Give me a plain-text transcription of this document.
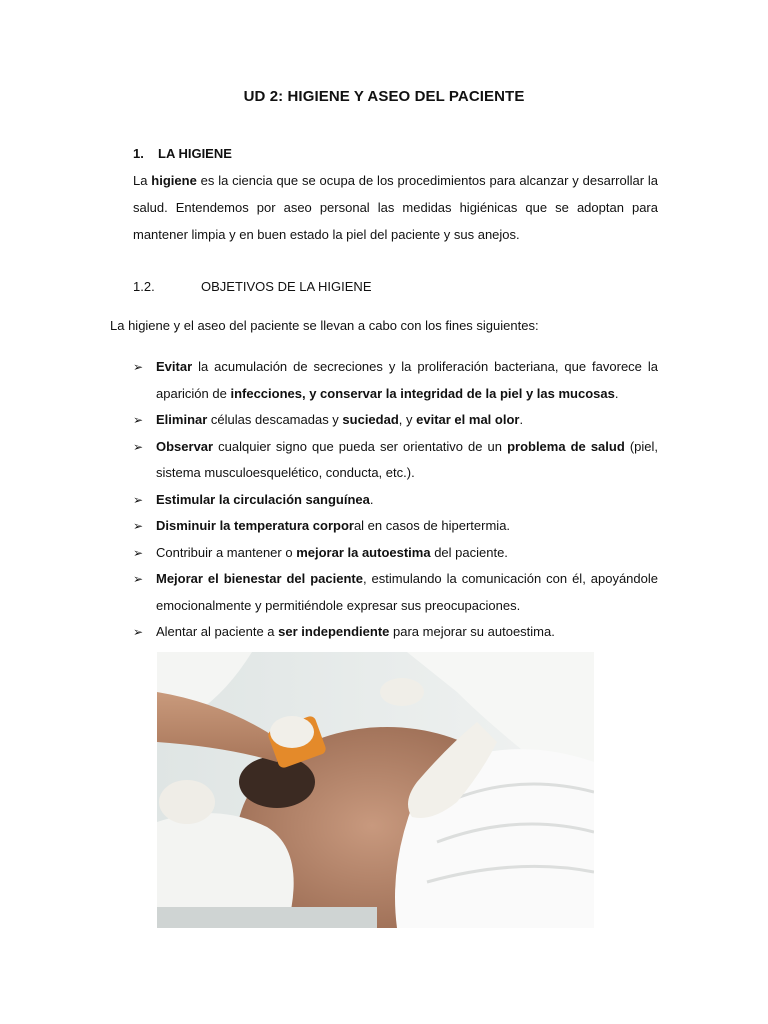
UD 2: HIGIENE Y ASEO DEL PACIENTE
1. LA HIGIENE
La higiene es la ciencia que se ocupa de los procedimientos para alcanzar y desarrollar la salud. Entendemos por aseo personal las medidas higiénicas que se adoptan para mantener limpia y en buen estado la piel del paciente y sus anejos.
1.2.	OBJETIVOS DE LA HIGIENE
La higiene y el aseo del paciente se llevan a cabo con los fines siguientes:
➢ Evitar la acumulación de secreciones y la proliferación bacteriana, que favorece la aparición de infecciones, y conservar la integridad de la piel y las mucosas.
➢ Eliminar células descamadas y suciedad, y evitar el mal olor.
➢ Observar cualquier signo que pueda ser orientativo de un problema de salud (piel, sistema musculoesquelético, conducta, etc.).
➢ Estimular la circulación sanguínea.
➢ Disminuir la temperatura corporal en casos de hipertermia.
➢ Contribuir a mantener o mejorar la autoestima del paciente.
➢ Mejorar el bienestar del paciente, estimulando la comunicación con él, apoyándole emocionalmente y permitiéndole expresar sus preocupaciones.
➢ Alentar al paciente a ser independiente para mejorar su autoestima.
